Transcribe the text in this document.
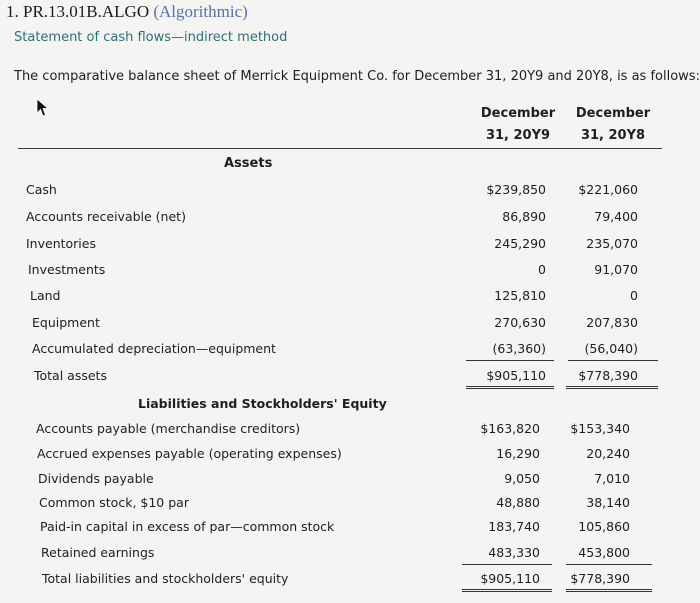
1. PR.13.01B.ALGO (Algorithmic)
Statement of cash flows—indirect method
The comparative balance sheet of Merrick Equipment Co. for December 31, 20Y9 and 20Y8, is as follows:
December
31, 20Y9
December
31, 20Y8
Assets
Cash	$239,850	$221,060
Accounts receivable (net)	86,890	79,400
Inventories	245,290	235,070
Investments	0	91,070
Land	125,810	0
Equipment	270,630	207,830
Accumulated depreciation—equipment	(63,360)	(56,040)
Total assets	$905,110	$778,390
Liabilities and Stockholders' Equity
Accounts payable (merchandise creditors)	$163,820 $153,340
Accrued expenses payable (operating expenses)	16,290	20,240
Dividends payable	9,050	7,010
Common stock, $10 par	48,880	38,140
Paid-in capital in excess of par—common stock	183,740	105,860
Retained earnings	483,330	453,800
Total liabilities and stockholders' equity	$905,110 $778,390
